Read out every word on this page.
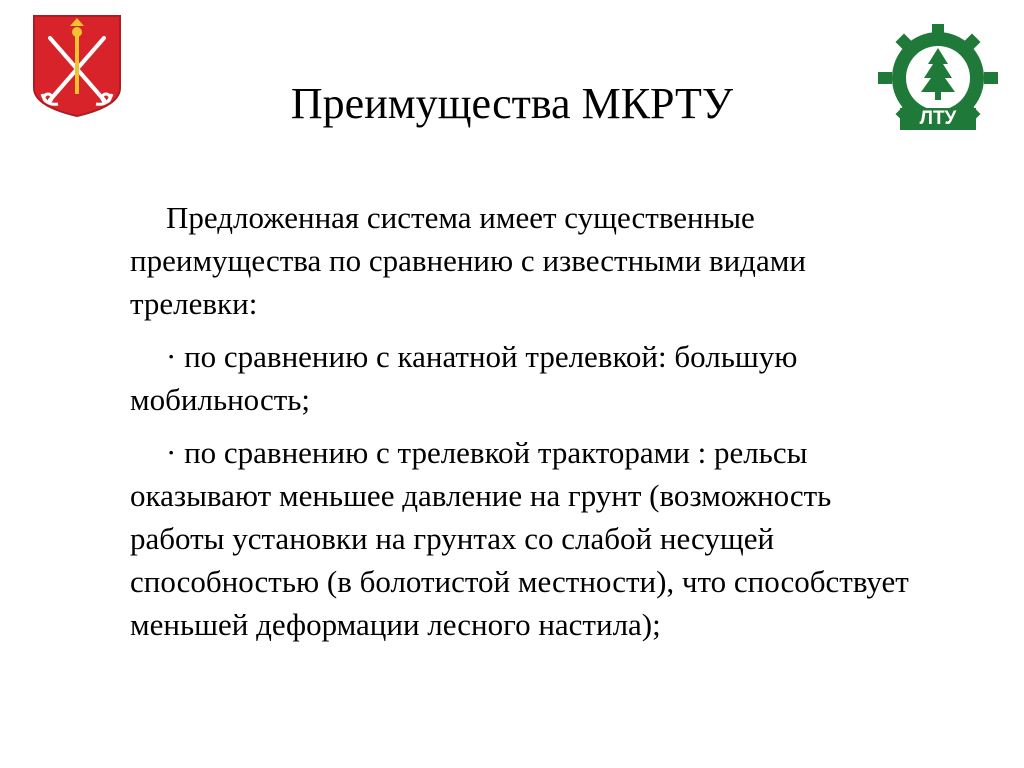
ЛТУ
Преимущества МКРТУ

Предложенная система имеет существенные преимущества по сравнению с известными видами трелевки:

· по сравнению с канатной трелевкой: большую мобильность;

· по сравнению с трелевкой тракторами : рельсы оказывают меньшее давление на грунт (возможность работы установки на грунтах со слабой несущей способностью (в болотистой местности), что способствует меньшей деформации лесного настила);
